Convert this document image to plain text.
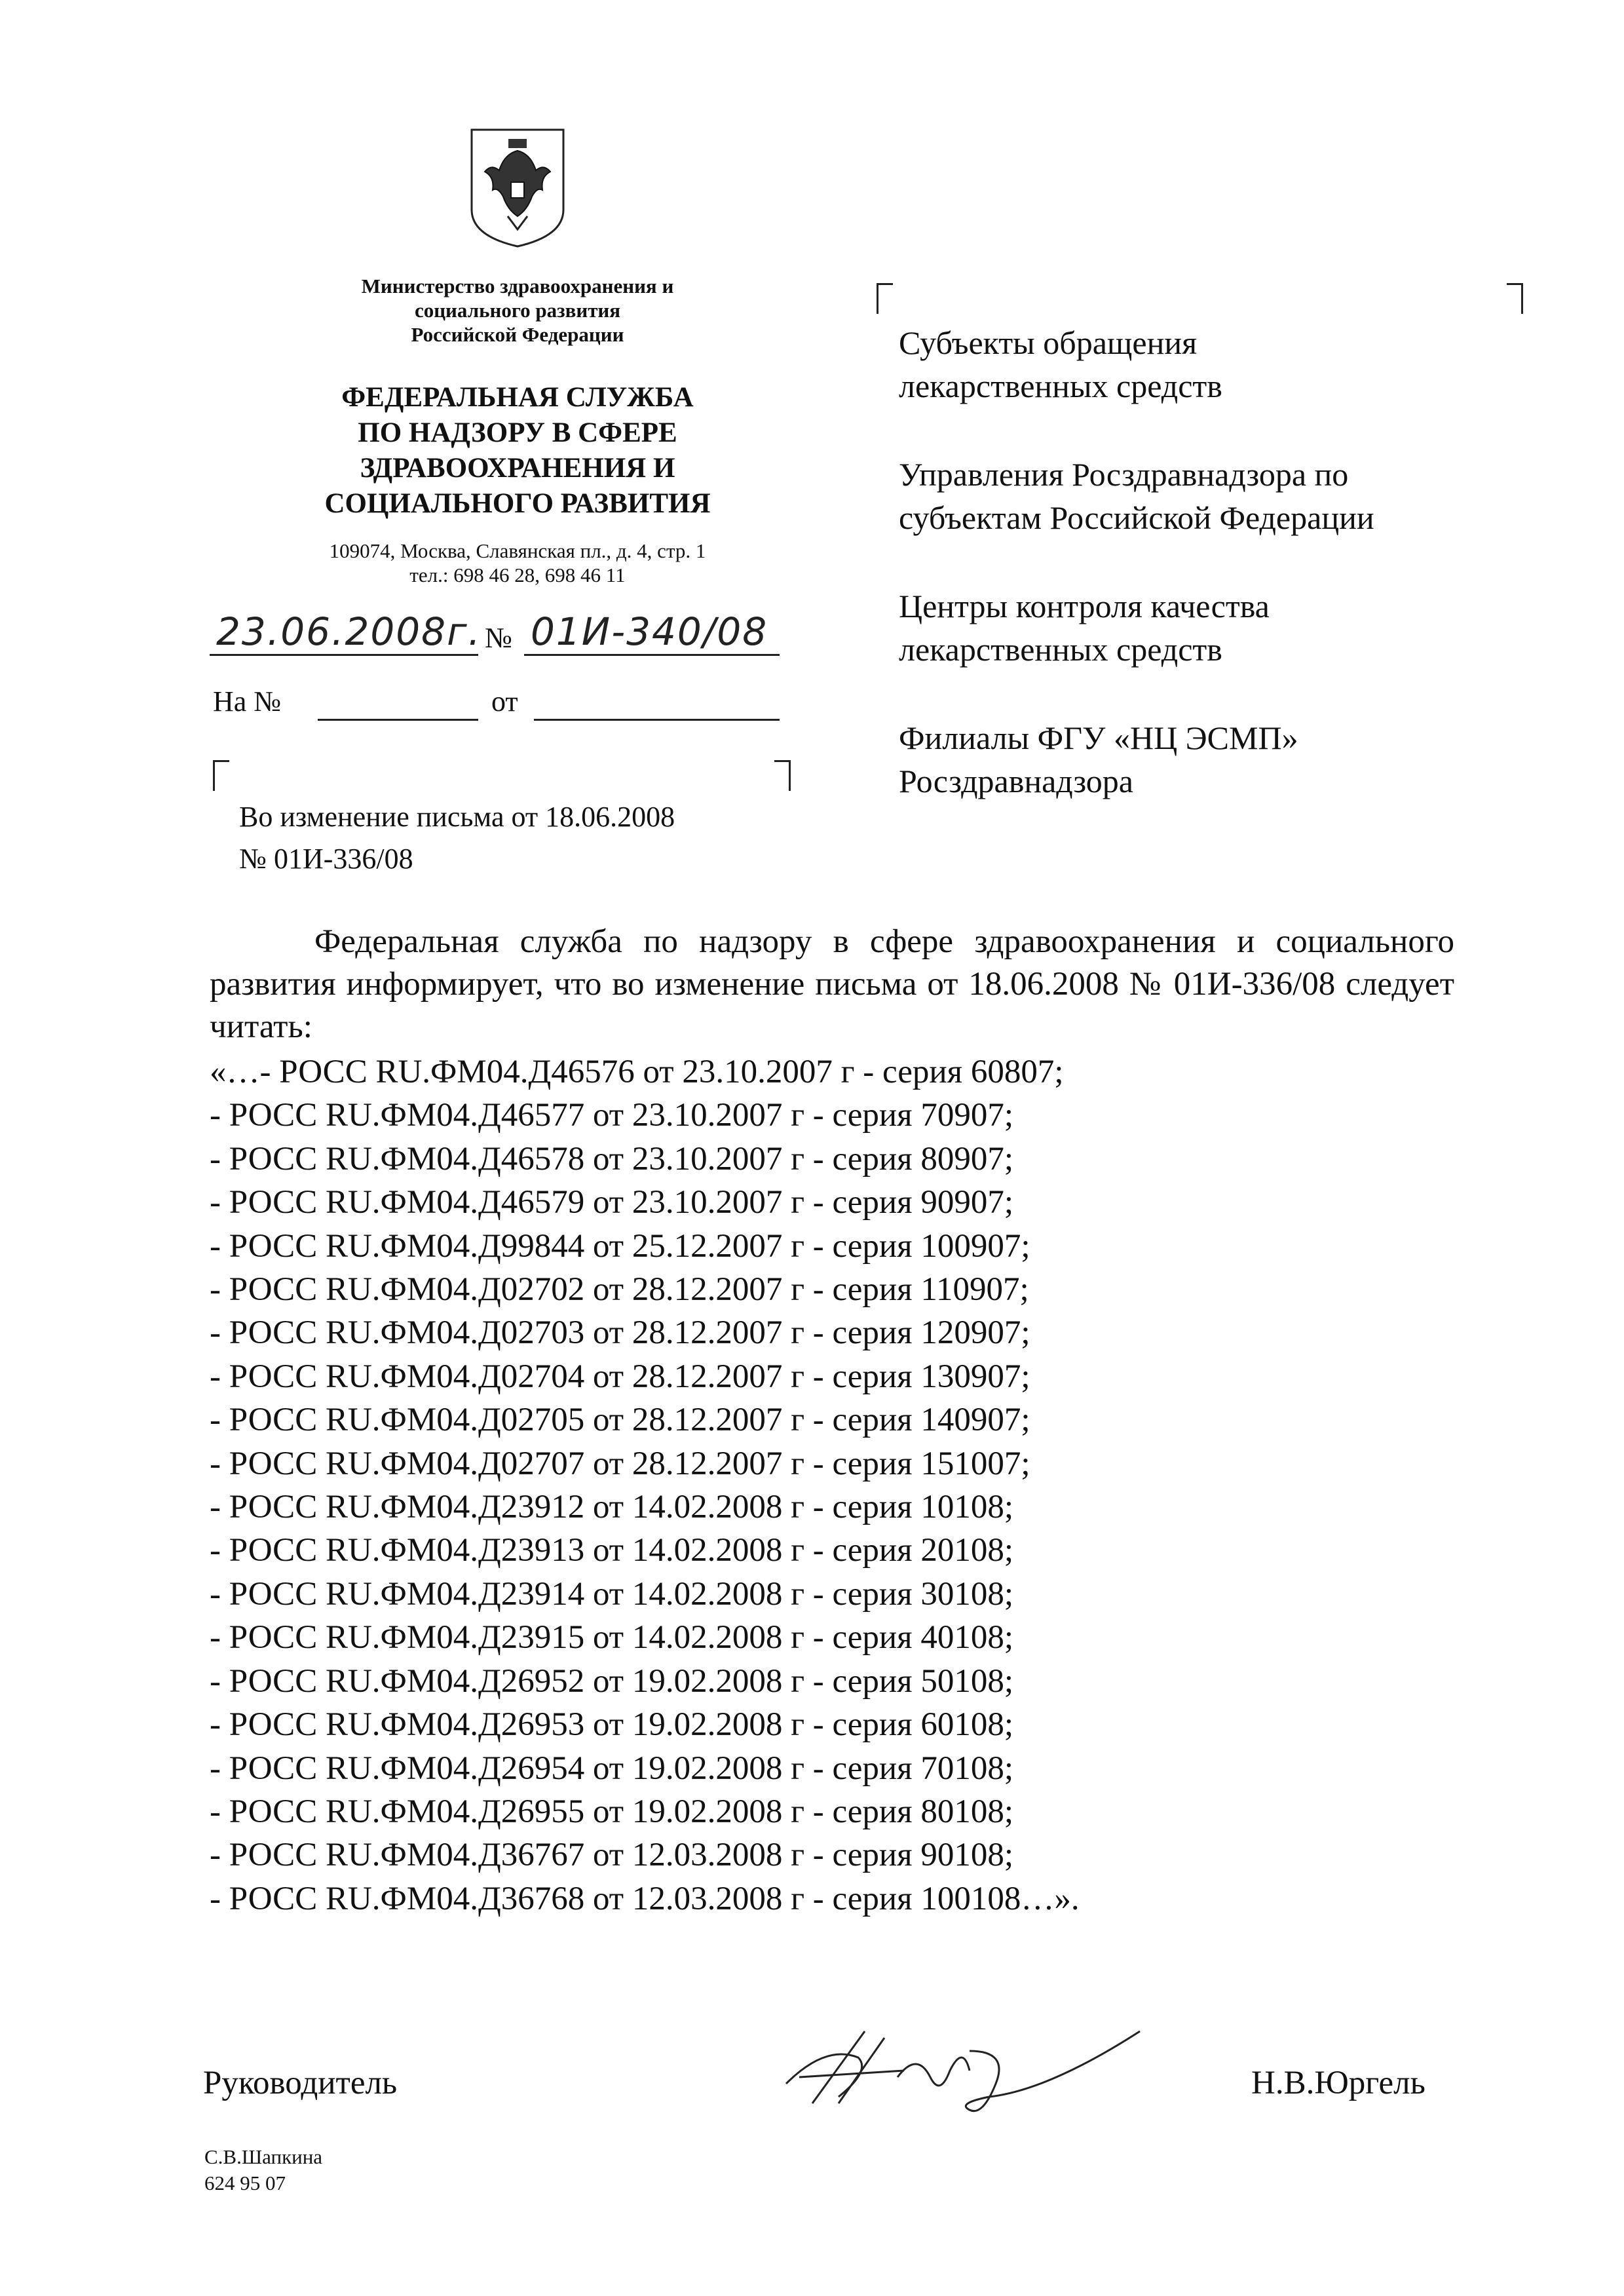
Министерство здравоохранения и
социального развития
Российской Федерации
ФЕДЕРАЛЬНАЯ СЛУЖБА
ПО НАДЗОРУ В СФЕРЕ
ЗДРАВООХРАНЕНИЯ И
СОЦИАЛЬНОГО РАЗВИТИЯ
109074, Москва, Славянская пл., д. 4, стр. 1
тел.: 698 46 28, 698 46 11
23.06.2008г. № 01И-340/08
На №	от
Во изменение письма от 18.06.2008
№ 01И-336/08
Субъекты обращения
лекарственных средств
Управления Росздравнадзора по
субъектам Российской Федерации
Центры контроля качества
лекарственных средств
Филиалы ФГУ «НЦ ЭСМП»
Росздравнадзора
Федеральная служба по надзору в сфере здравоохранения и социального развития информирует, что во изменение письма от 18.06.2008 № 01И-336/08 следует читать:
«…- РОСС RU.ФМ04.Д46576 от 23.10.2007 г - серия 60807;
- РОСС RU.ФМ04.Д46577 от 23.10.2007 г - серия 70907;
- РОСС RU.ФМ04.Д46578 от 23.10.2007 г - серия 80907;
- РОСС RU.ФМ04.Д46579 от 23.10.2007 г - серия 90907;
- РОСС RU.ФМ04.Д99844 от 25.12.2007 г - серия 100907;
- РОСС RU.ФМ04.Д02702 от 28.12.2007 г - серия 110907;
- РОСС RU.ФМ04.Д02703 от 28.12.2007 г - серия 120907;
- РОСС RU.ФМ04.Д02704 от 28.12.2007 г - серия 130907;
- РОСС RU.ФМ04.Д02705 от 28.12.2007 г - серия 140907;
- РОСС RU.ФМ04.Д02707 от 28.12.2007 г - серия 151007;
- РОСС RU.ФМ04.Д23912 от 14.02.2008 г - серия 10108;
- РОСС RU.ФМ04.Д23913 от 14.02.2008 г - серия 20108;
- РОСС RU.ФМ04.Д23914 от 14.02.2008 г - серия 30108;
- РОСС RU.ФМ04.Д23915 от 14.02.2008 г - серия 40108;
- РОСС RU.ФМ04.Д26952 от 19.02.2008 г - серия 50108;
- РОСС RU.ФМ04.Д26953 от 19.02.2008 г - серия 60108;
- РОСС RU.ФМ04.Д26954 от 19.02.2008 г - серия 70108;
- РОСС RU.ФМ04.Д26955 от 19.02.2008 г - серия 80108;
- РОСС RU.ФМ04.Д36767 от 12.03.2008 г - серия 90108;
- РОСС RU.ФМ04.Д36768 от 12.03.2008 г - серия 100108…».
Руководитель	Н.В.Юргель
С.В.Шапкина
624 95 07
